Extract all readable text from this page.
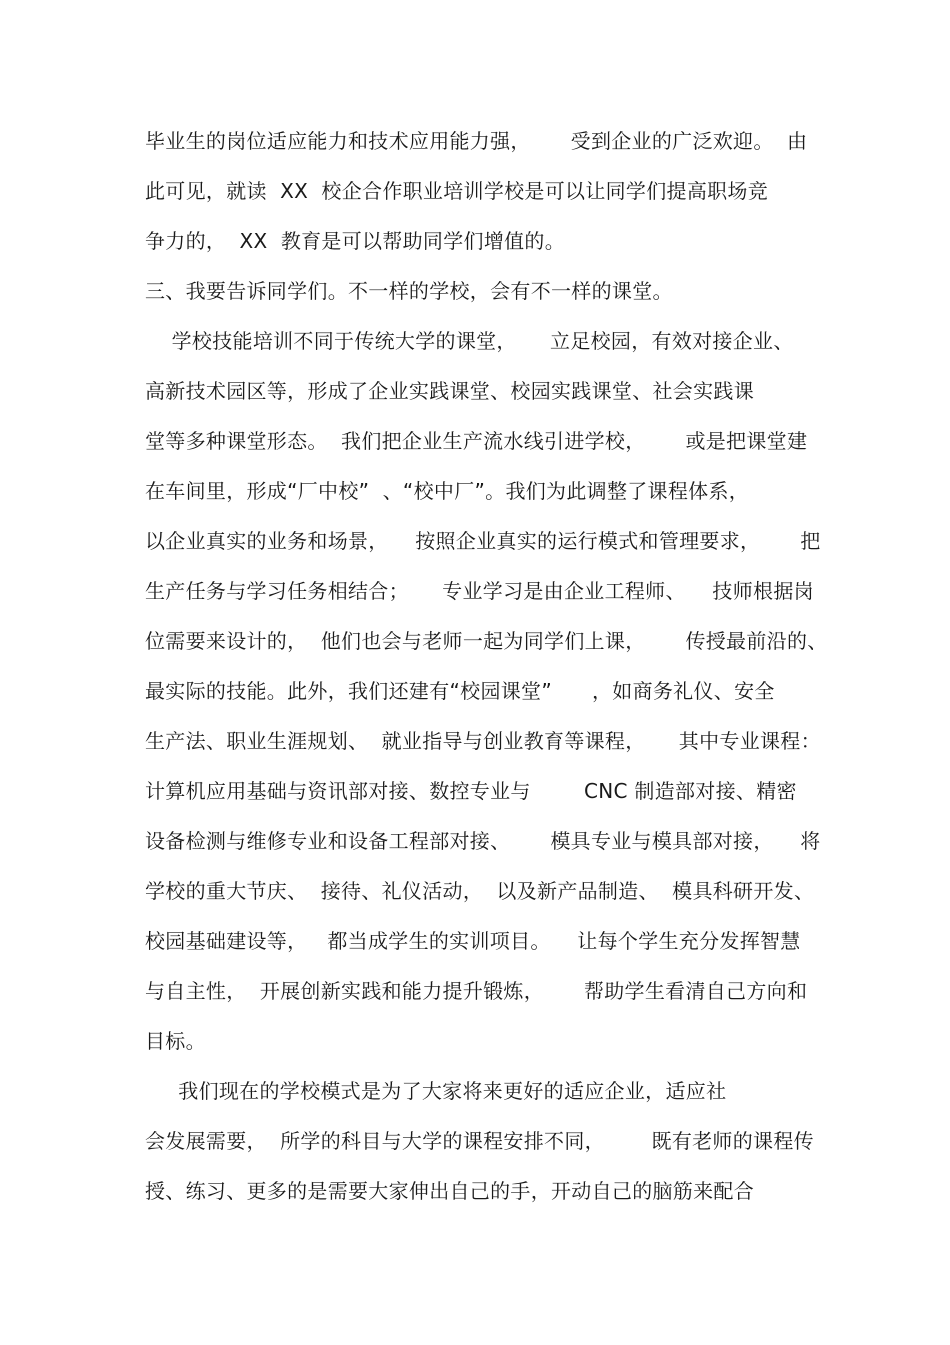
毕业生的岗位适应能力和技术应用能力强，      受到企业的广泛欢迎。  由
此可见，就读  XX  校企合作职业培训学校是可以让同学们提高职场竞
争力的，  XX  教育是可以帮助同学们增值的。
三、我要告诉同学们。不一样的学校，会有不一样的课堂。
学校技能培训不同于传统大学的课堂，     立足校园，有效对接企业、
高新技术园区等，形成了企业实践课堂、校园实践课堂、社会实践课
堂等多种课堂形态。  我们把企业生产流水线引进学校，      或是把课堂建
在车间里，形成“厂中校”  、“校中厂”。我们为此调整了课程体系，
以企业真实的业务和场景，    按照企业真实的运行模式和管理要求，      把
生产任务与学习任务相结合；     专业学习是由企业工程师、    技师根据岗
位需要来设计的，  他们也会与老师一起为同学们上课，      传授最前沿的、
最实际的技能。此外，我们还建有“校园课堂”      ，如商务礼仪、安全
生产法、职业生涯规划、  就业指导与创业教育等课程，     其中专业课程：
计算机应用基础与资讯部对接、数控专业与        CNC 制造部对接、精密
设备检测与维修专业和设备工程部对接、      模具专业与模具部对接，    将
学校的重大节庆、  接待、礼仪活动，  以及新产品制造、  模具科研开发、
校园基础建设等，   都当成学生的实训项目。    让每个学生充分发挥智慧
与自主性，  开展创新实践和能力提升锻炼，      帮助学生看清自己方向和
目标。
我们现在的学校模式是为了大家将来更好的适应企业，适应社
会发展需要，  所学的科目与大学的课程安排不同，       既有老师的课程传
授、练习、更多的是需要大家伸出自己的手，开动自己的脑筋来配合
